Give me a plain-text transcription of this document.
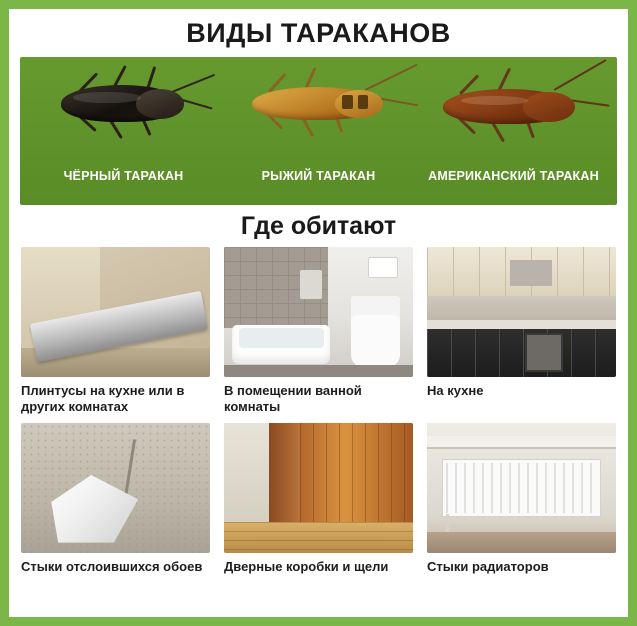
ВИДЫ ТАРАКАНОВ
ЧЁРНЫЙ ТАРАКАН	РЫЖИЙ ТАРАКАН	АМЕРИКАНСКИЙ ТАРАКАН
Где обитают
Плинтусы на кухне или в других комнатах
В помещении ванной комнаты
На кухне
Стыки отслоившихся обоев	Дверные коробки и щели	Стыки радиаторов
